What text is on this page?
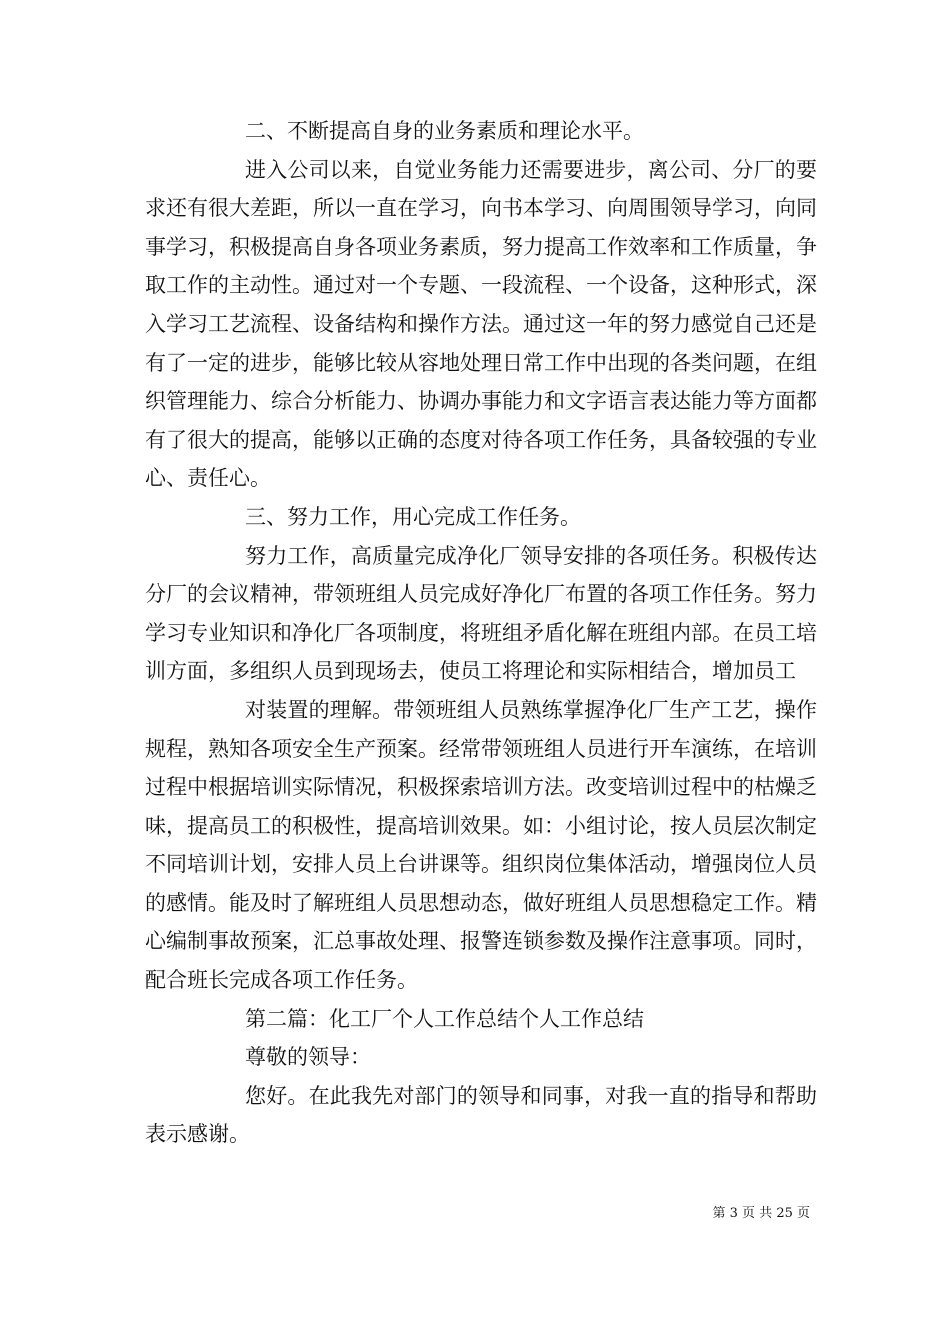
二、不断提高自身的业务素质和理论水平。

进入公司以来，自觉业务能力还需要进步，离公司、分厂的要求还有很大差距，所以一直在学习，向书本学习、向周围领导学习，向同事学习，积极提高自身各项业务素质，努力提高工作效率和工作质量，争取工作的主动性。通过对一个专题、一段流程、一个设备，这种形式，深入学习工艺流程、设备结构和操作方法。通过这一年的努力感觉自己还是有了一定的进步，能够比较从容地处理日常工作中出现的各类问题，在组织管理能力、综合分析能力、协调办事能力和文字语言表达能力等方面都有了很大的提高，能够以正确的态度对待各项工作任务，具备较强的专业心、责任心。

三、努力工作，用心完成工作任务。

努力工作，高质量完成净化厂领导安排的各项任务。积极传达分厂的会议精神，带领班组人员完成好净化厂布置的各项工作任务。努力学习专业知识和净化厂各项制度，将班组矛盾化解在班组内部。在员工培训方面，多组织人员到现场去，使员工将理论和实际相结合，增加员工

对装置的理解。带领班组人员熟练掌握净化厂生产工艺，操作规程，熟知各项安全生产预案。经常带领班组人员进行开车演练，在培训过程中根据培训实际情况，积极探索培训方法。改变培训过程中的枯燥乏味，提高员工的积极性，提高培训效果。如：小组讨论，按人员层次制定不同培训计划，安排人员上台讲课等。组织岗位集体活动，增强岗位人员的感情。能及时了解班组人员思想动态，做好班组人员思想稳定工作。精心编制事故预案，汇总事故处理、报警连锁参数及操作注意事项。同时，配合班长完成各项工作任务。

第二篇：化工厂个人工作总结个人工作总结

尊敬的领导：

您好。在此我先对部门的领导和同事，对我一直的指导和帮助表示感谢。

第 3 页 共 25 页
